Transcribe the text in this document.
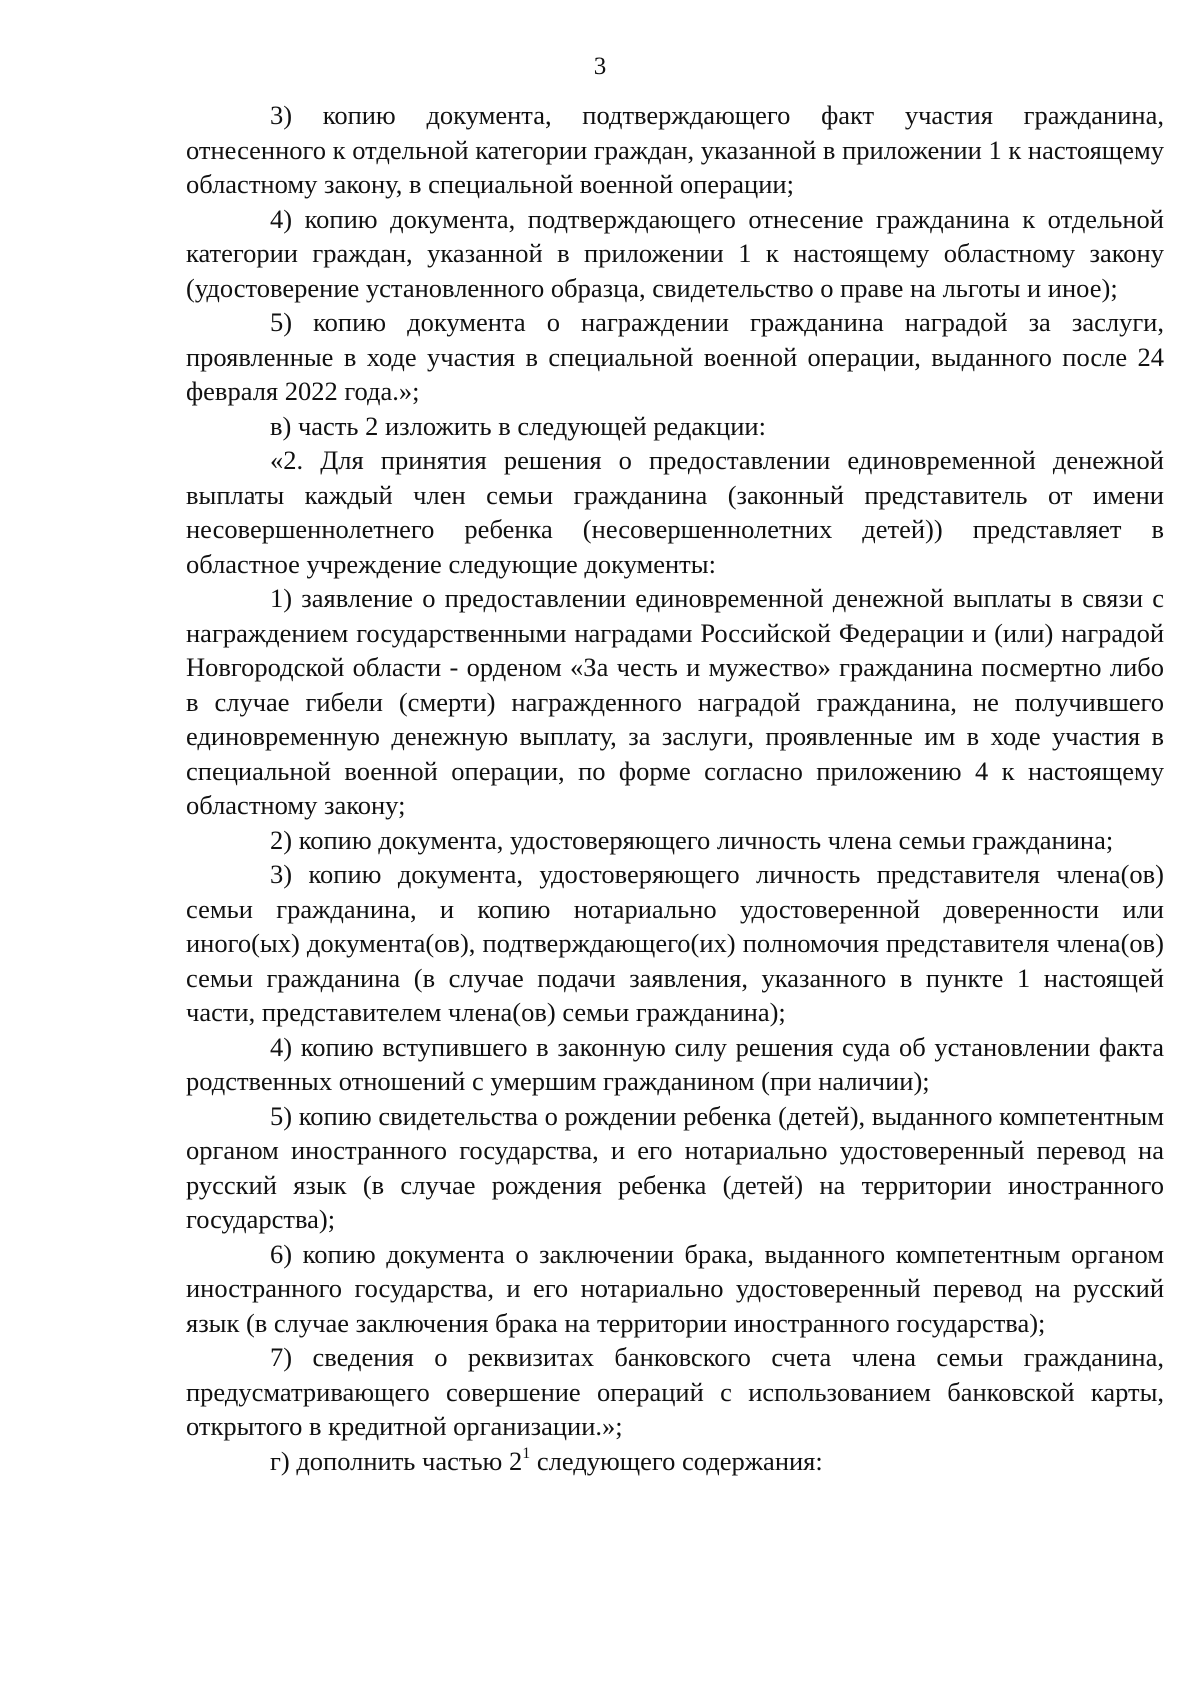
3

3) копию документа, подтверждающего факт участия гражданина, отнесенного к отдельной категории граждан, указанной в приложении 1 к настоящему областному закону, в специальной военной операции;

4) копию документа, подтверждающего отнесение гражданина к отдельной категории граждан, указанной в приложении 1 к настоящему областному закону (удостоверение установленного образца, свидетельство о праве на льготы и иное);

5) копию документа о награждении гражданина наградой за заслуги, проявленные в ходе участия в специальной военной операции, выданного после 24 февраля 2022 года.»;

в) часть 2 изложить в следующей редакции:

«2. Для принятия решения о предоставлении единовременной денежной выплаты каждый член семьи гражданина (законный представитель от имени несовершеннолетнего ребенка (несовершеннолетних детей)) представляет в областное учреждение следующие документы:

1) заявление о предоставлении единовременной денежной выплаты в связи с награждением государственными наградами Российской Федерации и (или) наградой Новгородской области - орденом «За честь и мужество» гражданина посмертно либо в случае гибели (смерти) награжденного наградой гражданина, не получившего единовременную денежную выплату, за заслуги, проявленные им в ходе участия в специальной военной операции, по форме согласно приложению 4 к настоящему областному закону;

2) копию документа, удостоверяющего личность члена семьи гражданина;

3) копию документа, удостоверяющего личность представителя члена(ов) семьи гражданина, и копию нотариально удостоверенной доверенности или иного(ых) документа(ов), подтверждающего(их) полномочия представителя члена(ов) семьи гражданина (в случае подачи заявления, указанного в пункте 1 настоящей части, представителем члена(ов) семьи гражданина);

4) копию вступившего в законную силу решения суда об установлении факта родственных отношений с умершим гражданином (при наличии);

5) копию свидетельства о рождении ребенка (детей), выданного компетентным органом иностранного государства, и его нотариально удостоверенный перевод на русский язык (в случае рождения ребенка (детей) на территории иностранного государства);

6) копию документа о заключении брака, выданного компетентным органом иностранного государства, и его нотариально удостоверенный перевод на русский язык (в случае заключения брака на территории иностранного государства);

7) сведения о реквизитах банковского счета члена семьи гражданина, предусматривающего совершение операций с использованием банковской карты, открытого в кредитной организации.»;

г) дополнить частью $2^1$ следующего содержания:
